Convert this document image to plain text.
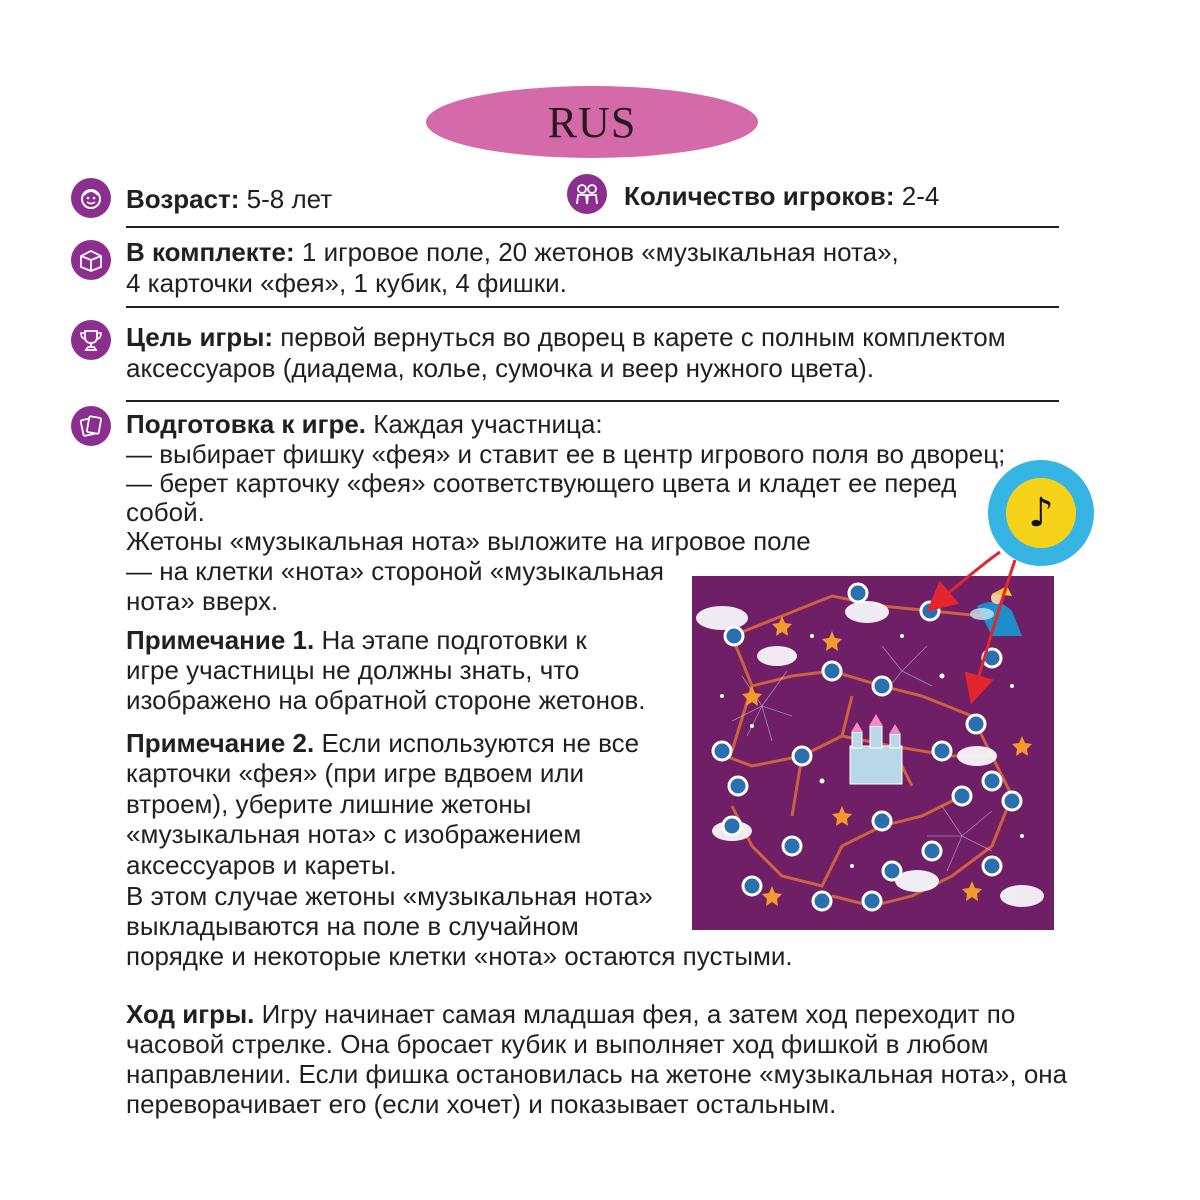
RUS
Возраст: 5-8 лет	Количество игроков: 2-4
В комплекте: 1 игровое поле, 20 жетонов «музыкальная нота»,
4 карточки «фея», 1 кубик, 4 фишки.
Цель игры: первой вернуться во дворец в карете с полным комплектом
аксессуаров (диадема, колье, сумочка и веер нужного цвета).
Подготовка к игре. Каждая участница:
— выбирает фишку «фея» и ставит ее в центр игрового поля во дворец;
— берет карточку «фея» соответствующего цвета и кладет ее перед
собой.
Жетоны «музыкальная нота» выложите на игровое поле
— на клетки «нота» стороной «музыкальная
нота» вверх.
Примечание 1. На этапе подготовки к
игре участницы не должны знать, что
изображено на обратной стороне жетонов.
Примечание 2. Если используются не все
карточки «фея» (при игре вдвоем или
втроем), уберите лишние жетоны
«музыкальная нота» с изображением
аксессуаров и кареты.
В этом случае жетоны «музыкальная нота»
выкладываются на поле в случайном
порядке и некоторые клетки «нота» остаются пустыми.
Ход игры. Игру начинает самая младшая фея, а затем ход переходит по
часовой стрелке. Она бросает кубик и выполняет ход фишкой в любом
направлении. Если фишка остановилась на жетоне «музыкальная нота», она
переворачивает его (если хочет) и показывает остальным.
♪
